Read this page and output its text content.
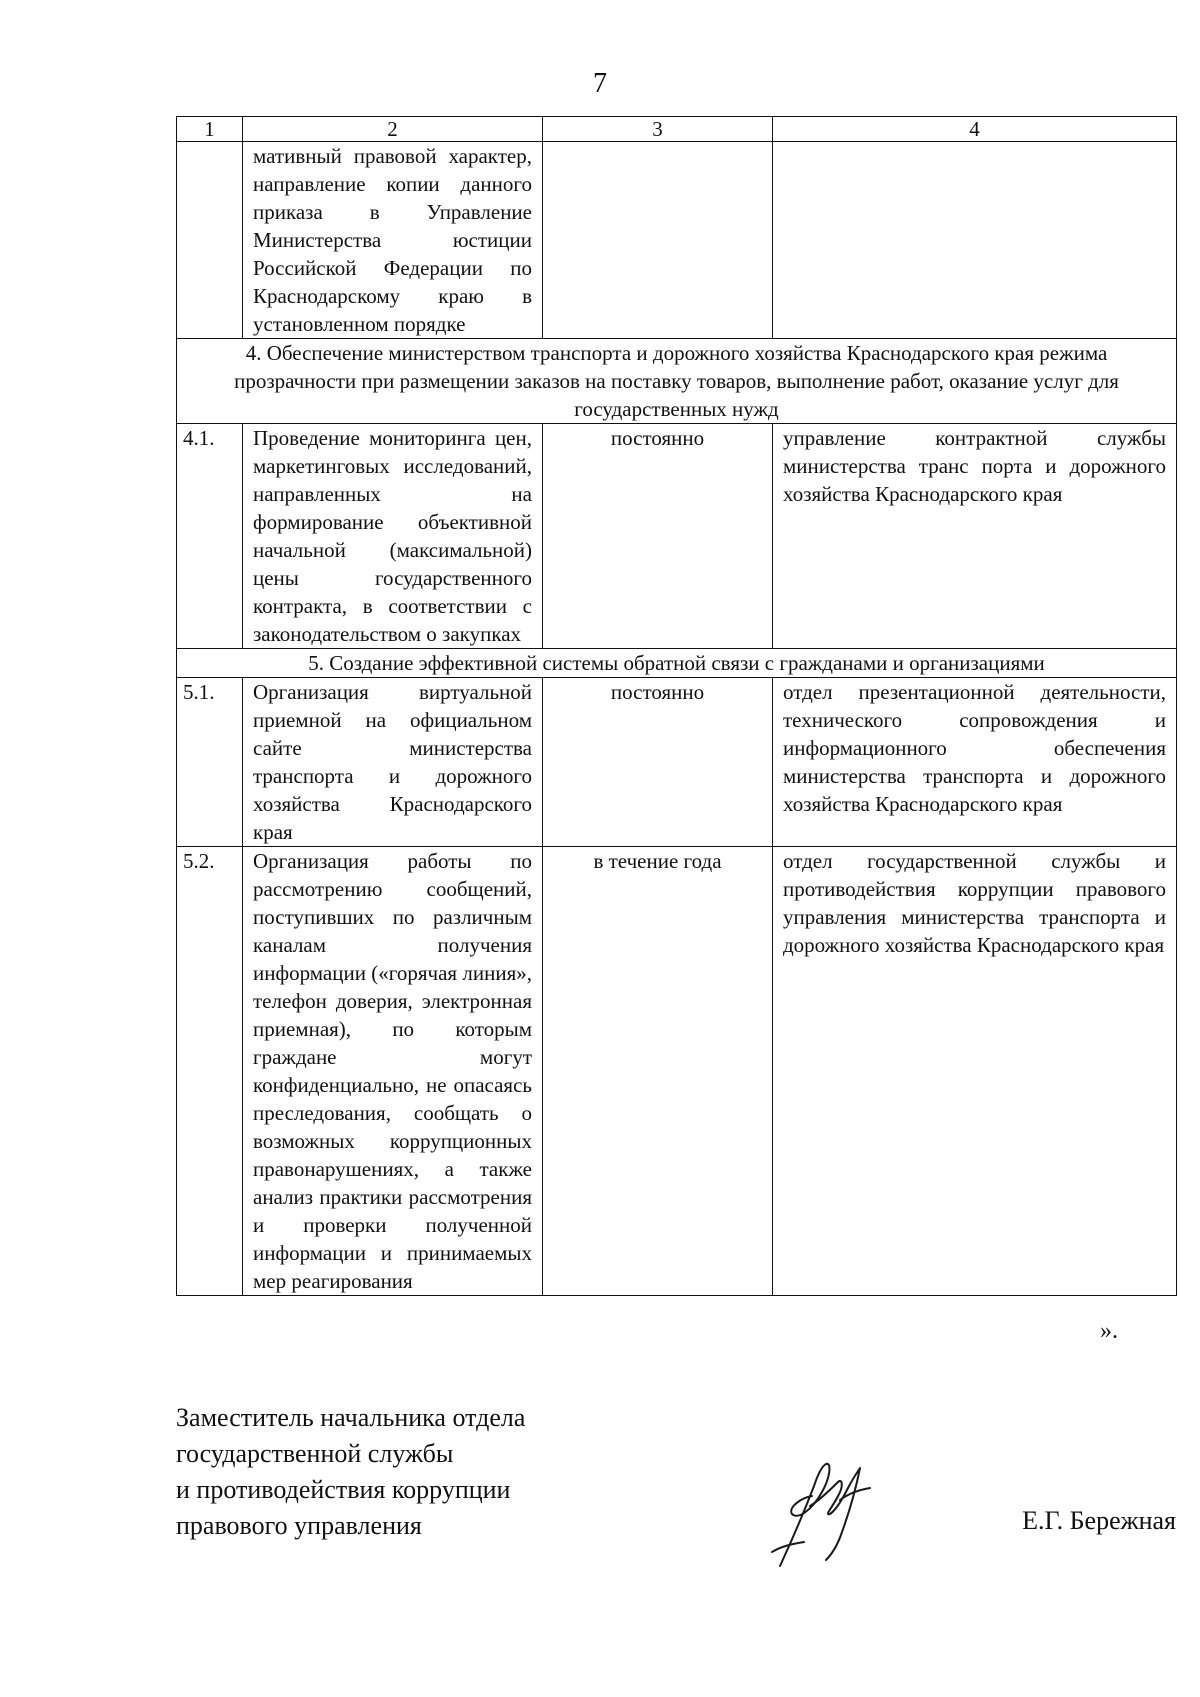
7
1	2	3	4
	мативный правовой характер, направление копии данного приказа в Управление Министерства юстиции Российской Федерации по Краснодарскому краю в установленном порядке		
4. Обеспечение министерством транспорта и дорожного хозяйства Краснодарского края режима прозрачности при размещении заказов на поставку товаров, выполнение работ, оказание услуг для государственных нужд			
4.1.	Проведение мониторинга цен, маркетинговых исследований, направленных на формирование объективной начальной (максимальной) цены государственного контракта, в соответствии с законодательством о закупках	постоянно	управление контрактной службы министерства транс порта и дорожного хозяйства Краснодарского края
5. Создание эффективной системы обратной связи с гражданами и организациями			
5.1.	Организация виртуальной приемной на официальном сайте министерства транспорта и дорожного хозяйства Краснодарского края	постоянно	отдел презентационной деятельности, технического сопровождения и информационного обеспечения министерства транспорта и дорожного хозяйства Краснодарского края
5.2.	Организация работы по рассмотрению сообщений, поступивших по различным каналам получения информации («горячая линия», телефон доверия, электронная приемная), по которым граждане могут конфиденциально, не опасаясь преследования, сообщать о возможных коррупционных правонарушениях, а также анализ практики рассмотрения и проверки полученной информации и принимаемых мер реагирования	в течение года	отдел государственной службы и противодействия коррупции правового управления министерства транспорта и дорожного хозяйства Краснодарского края
».
Заместитель начальника отдела
государственной службы
и противодействия коррупции
правового управления	Е.Г. Бережная
